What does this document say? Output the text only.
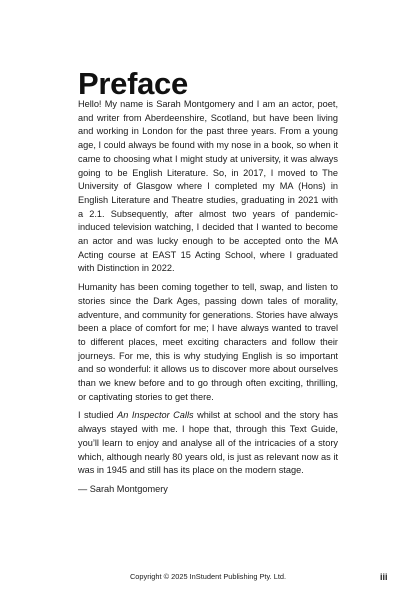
Preface

Hello! My name is Sarah Montgomery and I am an actor, poet, and writer from Aberdeenshire, Scotland, but have been living and working in London for the past three years. From a young age, I could always be found with my nose in a book, so when it came to choosing what I might study at university, it was always going to be English Literature. So, in 2017, I moved to The University of Glasgow where I completed my MA (Hons) in English Literature and Theatre studies, graduating in 2021 with a 2.1. Subsequently, after almost two years of pandemic-induced television watching, I decided that I wanted to become an actor and was lucky enough to be accepted onto the MA Acting course at EAST 15 Acting School, where I graduated with Distinction in 2022.

Humanity has been coming together to tell, swap, and listen to stories since the Dark Ages, passing down tales of morality, adventure, and community for generations. Stories have always been a place of comfort for me; I have always wanted to travel to different places, meet exciting characters and follow their journeys. For me, this is why studying English is so important and so wonderful: it allows us to discover more about ourselves than we knew before and to go through often exciting, thrilling, or captivating stories to get there.

I studied An Inspector Calls whilst at school and the story has always stayed with me. I hope that, through this Text Guide, you’ll learn to enjoy and analyse all of the intricacies of a story which, although nearly 80 years old, is just as relevant now as it was in 1945 and still has its place on the modern stage.

— Sarah Montgomery

Copyright © 2025 InStudent Publishing Pty. Ltd.	iii
